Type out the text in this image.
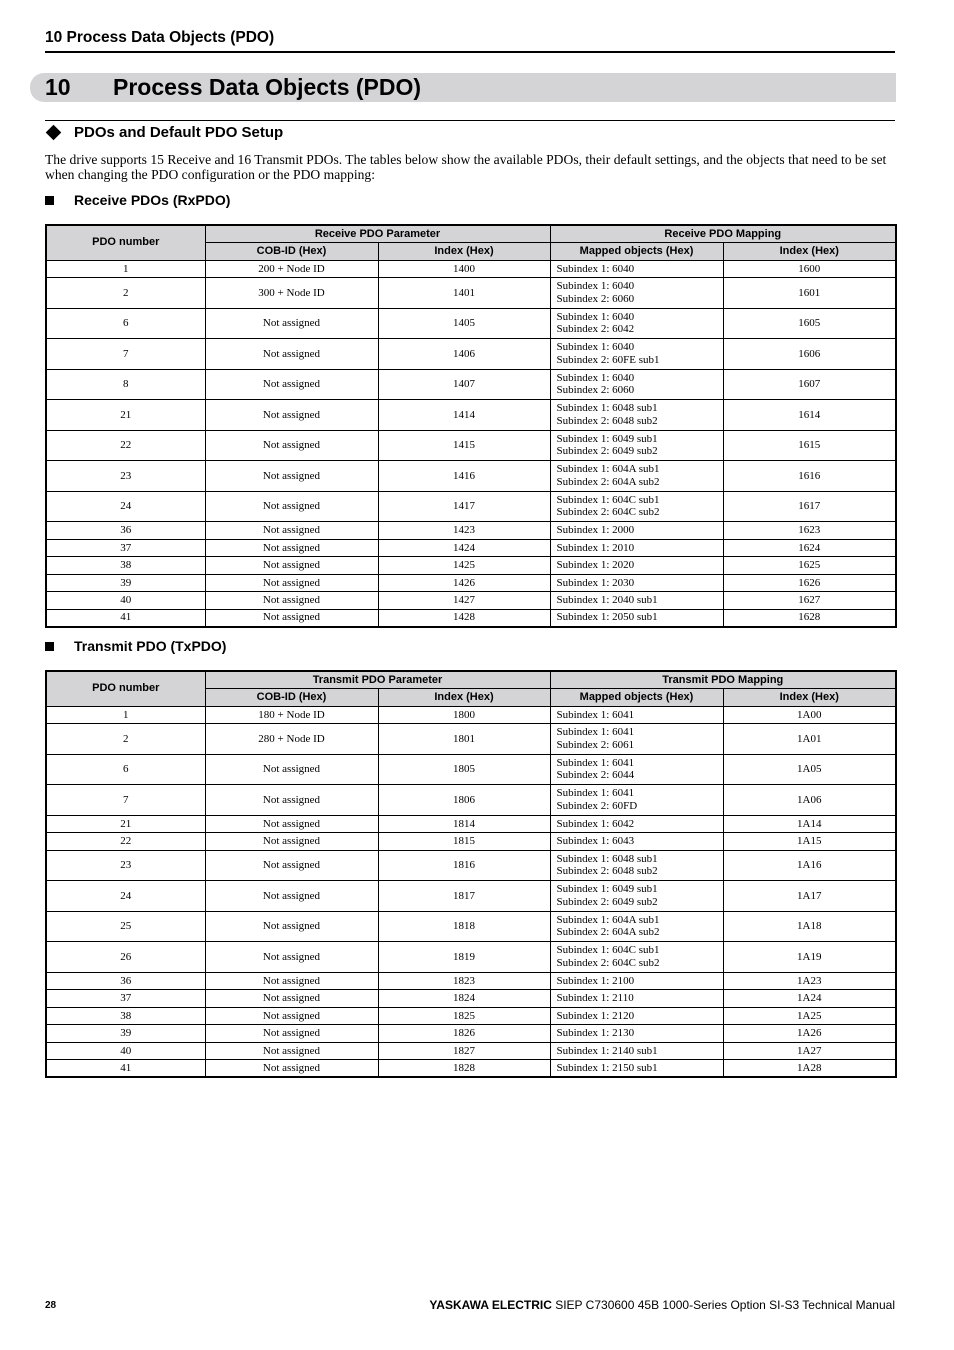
10 Process Data Objects (PDO)
10 Process Data Objects (PDO)
PDOs and Default PDO Setup

The drive supports 15 Receive and 16 Transmit PDOs. The tables below show the available PDOs, their default settings, and the objects that need to be set when changing the PDO configuration or the PDO mapping:

Receive PDOs (RxPDO)
PDO number	Receive PDO Parameter		Receive PDO Mapping	
	COB-ID (Hex)	Index (Hex)	Mapped objects (Hex)	Index (Hex)
1	200 + Node ID	1400	Subindex 1: 6040	1600
2	300 + Node ID	1401	Subindex 1: 6040
Subindex 2: 6060	1601
6	Not assigned	1405	Subindex 1: 6040
Subindex 2: 6042	1605
7	Not assigned	1406	Subindex 1: 6040
Subindex 2: 60FE sub1	1606
8	Not assigned	1407	Subindex 1: 6040
Subindex 2: 6060	1607
21	Not assigned	1414	Subindex 1: 6048 sub1
Subindex 2: 6048 sub2	1614
22	Not assigned	1415	Subindex 1: 6049 sub1
Subindex 2: 6049 sub2	1615
23	Not assigned	1416	Subindex 1: 604A sub1
Subindex 2: 604A sub2	1616
24	Not assigned	1417	Subindex 1: 604C sub1
Subindex 2: 604C sub2	1617
36	Not assigned	1423	Subindex 1: 2000	1623
37	Not assigned	1424	Subindex 1: 2010	1624
38	Not assigned	1425	Subindex 1: 2020	1625
39	Not assigned	1426	Subindex 1: 2030	1626
40	Not assigned	1427	Subindex 1: 2040 sub1	1627
41	Not assigned	1428	Subindex 1: 2050 sub1	1628
Transmit PDO (TxPDO)
PDO number	Transmit PDO Parameter		Transmit PDO Mapping	
	COB-ID (Hex)	Index (Hex)	Mapped objects (Hex)	Index (Hex)
1	180 + Node ID	1800	Subindex 1: 6041	1A00
2	280 + Node ID	1801	Subindex 1: 6041
Subindex 2: 6061	1A01
6	Not assigned	1805	Subindex 1: 6041
Subindex 2: 6044	1A05
7	Not assigned	1806	Subindex 1: 6041
Subindex 2: 60FD	1A06
21	Not assigned	1814	Subindex 1: 6042	1A14
22	Not assigned	1815	Subindex 1: 6043	1A15
23	Not assigned	1816	Subindex 1: 6048 sub1
Subindex 2: 6048 sub2	1A16
24	Not assigned	1817	Subindex 1: 6049 sub1
Subindex 2: 6049 sub2	1A17
25	Not assigned	1818	Subindex 1: 604A sub1
Subindex 2: 604A sub2	1A18
26	Not assigned	1819	Subindex 1: 604C sub1
Subindex 2: 604C sub2	1A19
36	Not assigned	1823	Subindex 1: 2100	1A23
37	Not assigned	1824	Subindex 1: 2110	1A24
38	Not assigned	1825	Subindex 1: 2120	1A25
39	Not assigned	1826	Subindex 1: 2130	1A26
40	Not assigned	1827	Subindex 1: 2140 sub1	1A27
41	Not assigned	1828	Subindex 1: 2150 sub1	1A28
28	YASKAWA ELECTRIC SIEP C730600 45B 1000-Series Option SI-S3 Technical Manual
